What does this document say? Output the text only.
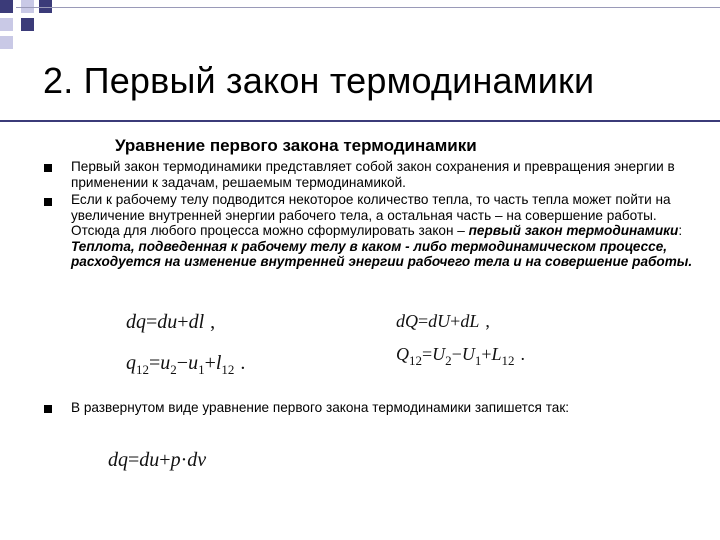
2. Первый закон термодинамики
Уравнение первого закона термодинамики
Первый закон термодинамики представляет собой закон сохранения и превращения энергии в применении к задачам, решаемым термодинамикой.
Если к рабочему телу подводится некоторое количество тепла, то часть тепла может пойти на увеличение внутренней энергии рабочего тела, а остальная часть – на совершение работы. Отсюда для любого процесса можно сформулировать закон – первый закон термодинамики: Теплота, подведенная к рабочему телу в каком - либо термодинамическом процессе, расходуется на изменение внутренней энергии рабочего тела и на совершение работы.
dq=du+dl ,	dQ=dU+dL ,
$q_{12}=u_2-u_1+l_{12}$ .	$Q_{12}=U_2-U_1+L_{12}$ .
В развернутом виде уравнение первого закона термодинамики запишется так:
dq=du+p·dv
